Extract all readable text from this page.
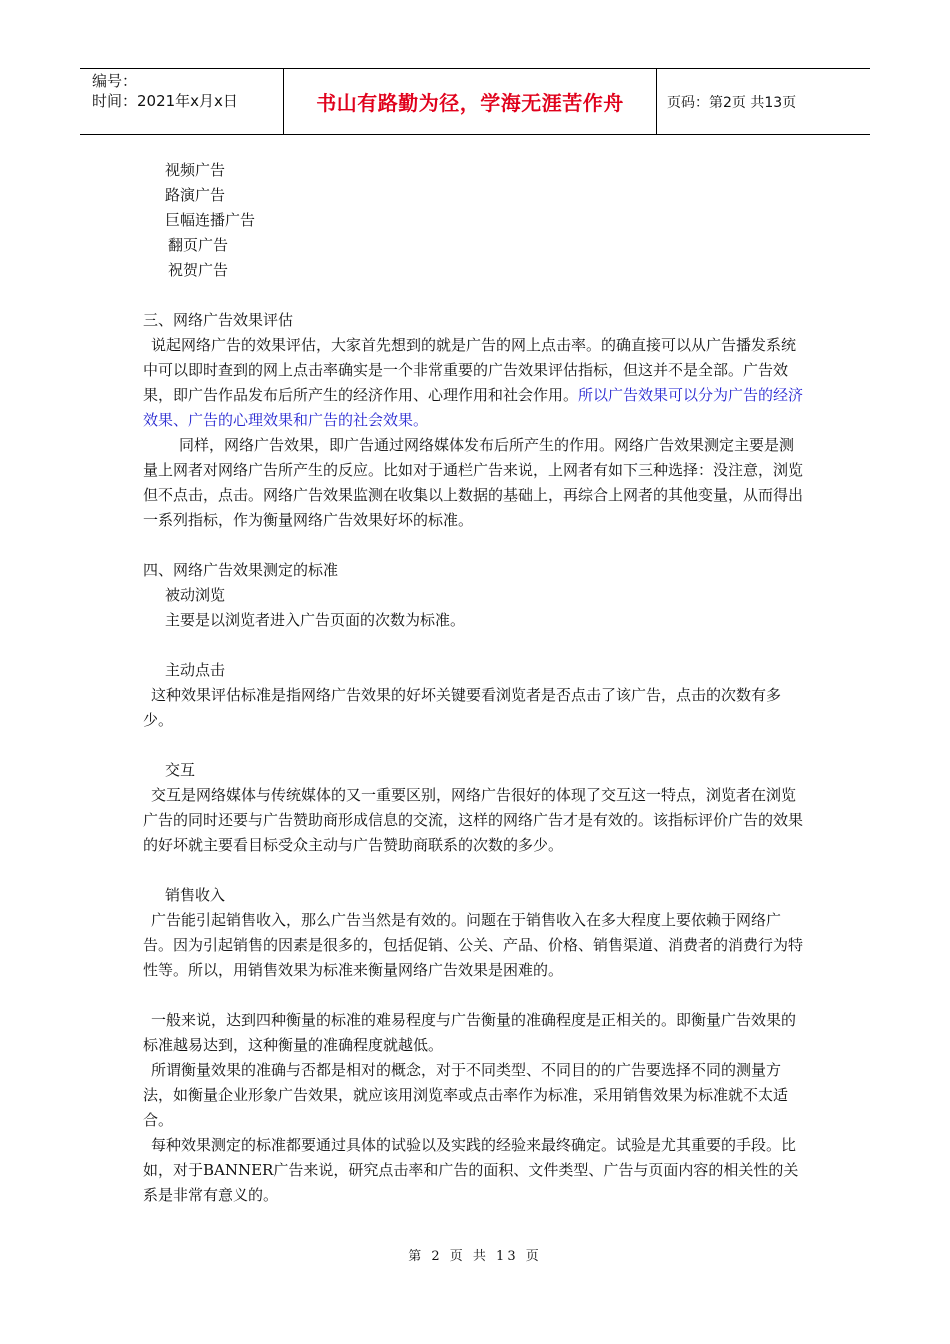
编号：
时间：2021年x月x日	书山有路勤为径，学海无涯苦作舟	页码：第2页 共13页

视频广告

路演广告

巨幅连播广告

翻页广告

祝贺广告

三、网络广告效果评估

说起网络广告的效果评估，大家首先想到的就是广告的网上点击率。的确直接可以从广告播发系统中可以即时查到的网上点击率确实是一个非常重要的广告效果评估指标，但这并不是全部。广告效果，即广告作品发布后所产生的经济作用、心理作用和社会作用。所以广告效果可以分为广告的经济效果、广告的心理效果和广告的社会效果。

同样，网络广告效果，即广告通过网络媒体发布后所产生的作用。网络广告效果测定主要是测量上网者对网络广告所产生的反应。比如对于通栏广告来说，上网者有如下三种选择：没注意，浏览但不点击，点击。网络广告效果监测在收集以上数据的基础上，再综合上网者的其他变量，从而得出一系列指标，作为衡量网络广告效果好坏的标准。

四、网络广告效果测定的标准

被动浏览

主要是以浏览者进入广告页面的次数为标准。

主动点击

这种效果评估标准是指网络广告效果的好坏关键要看浏览者是否点击了该广告，点击的次数有多少。

交互

交互是网络媒体与传统媒体的又一重要区别，网络广告很好的体现了交互这一特点，浏览者在浏览广告的同时还要与广告赞助商形成信息的交流，这样的网络广告才是有效的。该指标评价广告的效果的好坏就主要看目标受众主动与广告赞助商联系的次数的多少。

销售收入

广告能引起销售收入，那么广告当然是有效的。问题在于销售收入在多大程度上要依赖于网络广告。因为引起销售的因素是很多的，包括促销、公关、产品、价格、销售渠道、消费者的消费行为特性等。所以，用销售效果为标准来衡量网络广告效果是困难的。

一般来说，达到四种衡量的标准的难易程度与广告衡量的准确程度是正相关的。即衡量广告效果的标准越易达到，这种衡量的准确程度就越低。

所谓衡量效果的准确与否都是相对的概念，对于不同类型、不同目的的广告要选择不同的测量方法，如衡量企业形象广告效果，就应该用浏览率或点击率作为标准，采用销售效果为标准就不太适合。

每种效果测定的标准都要通过具体的试验以及实践的经验来最终确定。试验是尤其重要的手段。比如，对于BANNER广告来说，研究点击率和广告的面积、文件类型、广告与页面内容的相关性的关系是非常有意义的。

第 2 页 共 13 页
